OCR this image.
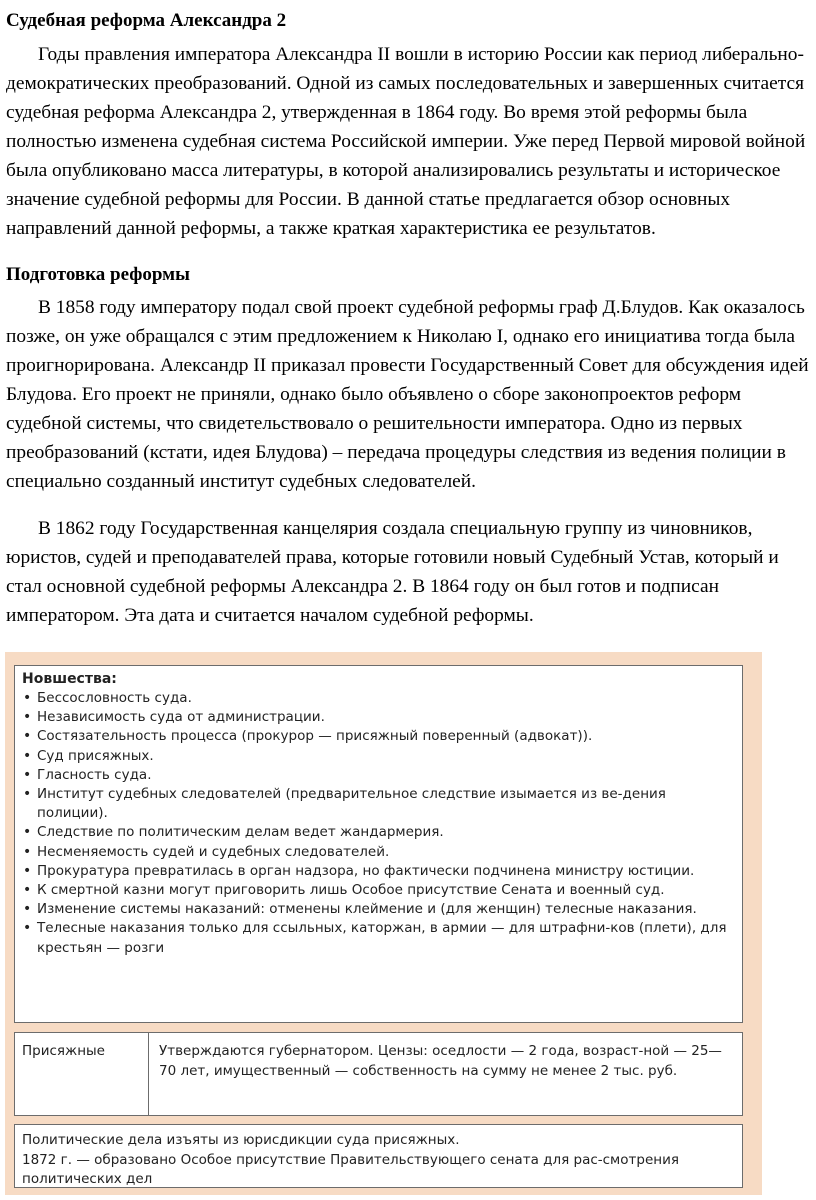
Судебная реформа Александра 2

Годы правления императора Александра II вошли в историю России как период либерально-демократических преобразований. Одной из самых последовательных и завершенных считается судебная реформа Александра 2, утвержденная в 1864 году. Во время этой реформы была полностью изменена судебная система Российской империи. Уже перед Первой мировой войной была опубликовано масса литературы, в которой анализировались результаты и историческое значение судебной реформы для России. В данной статье предлагается обзор основных направлений данной реформы, а также краткая характеристика ее результатов.

Подготовка реформы

В 1858 году императору подал свой проект судебной реформы граф Д.Блудов. Как оказалось позже, он уже обращался с этим предложением к Николаю I, однако его инициатива тогда была проигнорирована. Александр II приказал провести Государственный Совет для обсуждения идей Блудова. Его проект не приняли, однако было объявлено о сборе законопроектов реформ судебной системы, что свидетельствовало о решительности императора. Одно из первых преобразований (кстати, идея Блудова) – передача процедуры следствия из ведения полиции в специально созданный институт судебных следователей.

В 1862 году Государственная канцелярия создала специальную группу из чиновников, юристов, судей и преподавателей права, которые готовили новый Судебный Устав, который и стал основной судебной реформы Александра 2. В 1864 году он был готов и подписан императором. Эта дата и считается началом судебной реформы.

Новшества:
• Бессословность суда.
• Независимость суда от администрации.
• Состязательность процесса (прокурор — присяжный поверенный (адвокат)).
• Суд присяжных.
• Гласность суда.
• Институт судебных следователей (предварительное следствие изымается из ве-дения полиции).
• Следствие по политическим делам ведет жандармерия.
• Несменяемость судей и судебных следователей.
• Прокуратура превратилась в орган надзора, но фактически подчинена министру юстиции.
• К смертной казни могут приговорить лишь Особое присутствие Сената и военный суд.
• Изменение системы наказаний: отменены клеймение и (для женщин) телесные наказания.
• Телесные наказания только для ссыльных, каторжан, в армии — для штрафни-ков (плети), для крестьян — розги
Присяжные	Утверждаются губернатором. Цензы: оседлости — 2 года, возраст-ной — 25—70 лет, имущественный — собственность на сумму не менее 2 тыс. руб.
Политические дела изъяты из юрисдикции суда присяжных.
1872 г. — образовано Особое присутствие Правительствующего сената для рас-смотрения политических дел
